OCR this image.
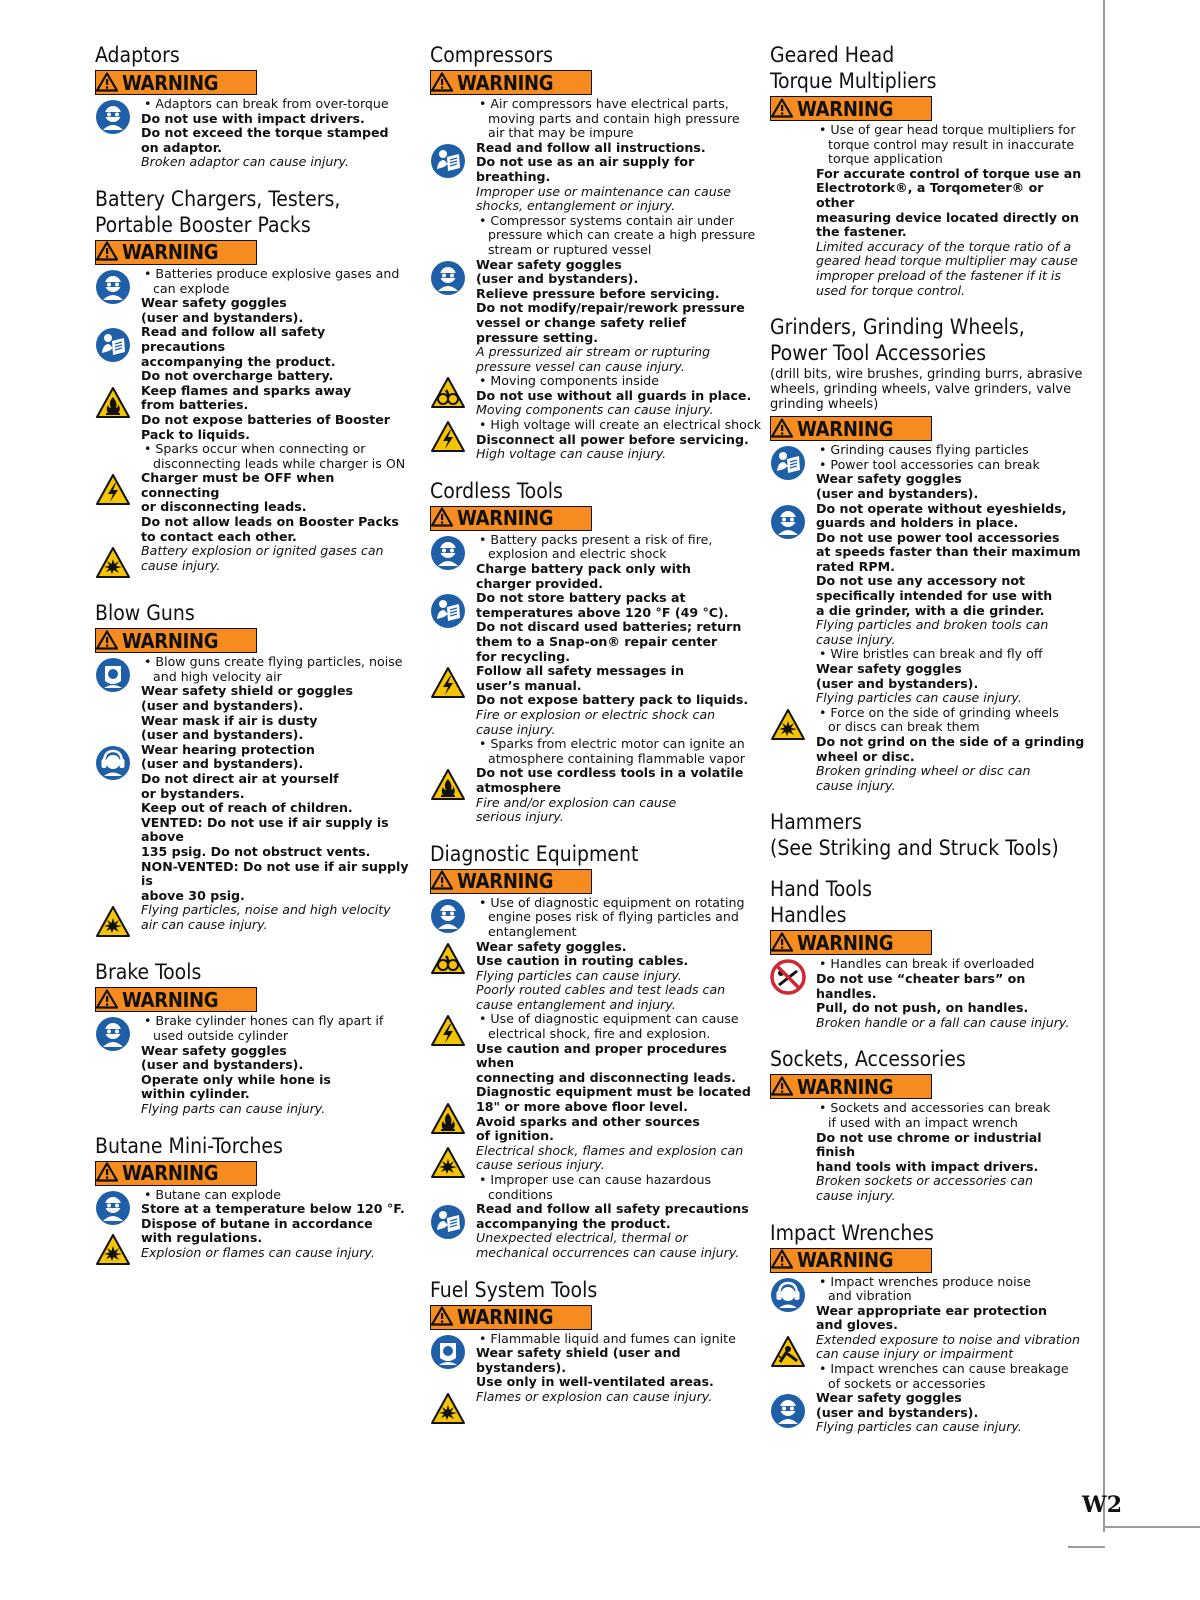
Adaptors
WARNING
• Adaptors can break from over-torque
Do not use with impact drivers.
Do not exceed the torque stamped
on adaptor.
Broken adaptor can cause injury.
Battery Chargers, Testers,
Portable Booster Packs
WARNING
• Batteries produce explosive gases and
can explode
Wear safety goggles
(user and bystanders).
Read and follow all safety precautions
accompanying the product.
Do not overcharge battery.
Keep flames and sparks away
from batteries.
Do not expose batteries of Booster
Pack to liquids.
• Sparks occur when connecting or
disconnecting leads while charger is ON
Charger must be OFF when connecting
or disconnecting leads.
Do not allow leads on Booster Packs
to contact each other.
Battery explosion or ignited gases can
cause injury.
Blow Guns
WARNING
• Blow guns create flying particles, noise
and high velocity air
Wear safety shield or goggles
(user and bystanders).
Wear mask if air is dusty
(user and bystanders).
Wear hearing protection
(user and bystanders).
Do not direct air at yourself
or bystanders.
Keep out of reach of children.
VENTED: Do not use if air supply is above
135 psig. Do not obstruct vents.
NON-VENTED: Do not use if air supply is
above 30 psig.
Flying particles, noise and high velocity
air can cause injury.
Brake Tools
WARNING
• Brake cylinder hones can fly apart if
used outside cylinder
Wear safety goggles
(user and bystanders).
Operate only while hone is
within cylinder.
Flying parts can cause injury.
Butane Mini-Torches
WARNING
• Butane can explode
Store at a temperature below 120 °F.
Dispose of butane in accordance
with regulations.
Explosion or flames can cause injury.
Compressors
WARNING
• Air compressors have electrical parts,
moving parts and contain high pressure
air that may be impure
Read and follow all instructions.
Do not use as an air supply for breathing.
Improper use or maintenance can cause
shocks, entanglement or injury.
• Compressor systems contain air under
pressure which can create a high pressure
stream or ruptured vessel
Wear safety goggles
(user and bystanders).
Relieve pressure before servicing.
Do not modify/repair/rework pressure
vessel or change safety relief
pressure setting.
A pressurized air stream or rupturing
pressure vessel can cause injury.
• Moving components inside
Do not use without all guards in place.
Moving components can cause injury.
• High voltage will create an electrical shock
Disconnect all power before servicing.
High voltage can cause injury.
Cordless Tools
WARNING
• Battery packs present a risk of fire,
explosion and electric shock
Charge battery pack only with
charger provided.
Do not store battery packs at
temperatures above 120 °F (49 °C).
Do not discard used batteries; return
them to a Snap-on® repair center
for recycling.
Follow all safety messages in
user’s manual.
Do not expose battery pack to liquids.
Fire or explosion or electric shock can
cause injury.
• Sparks from electric motor can ignite an
atmosphere containing flammable vapor
Do not use cordless tools in a volatile
atmosphere
Fire and/or explosion can cause
serious injury.
Diagnostic Equipment
WARNING
• Use of diagnostic equipment on rotating
engine poses risk of flying particles and
entanglement
Wear safety goggles.
Use caution in routing cables.
Flying particles can cause injury.
Poorly routed cables and test leads can
cause entanglement and injury.
• Use of diagnostic equipment can cause
electrical shock, fire and explosion.
Use caution and proper procedures when
connecting and disconnecting leads.
Diagnostic equipment must be located
18" or more above floor level.
Avoid sparks and other sources
of ignition.
Electrical shock, flames and explosion can
cause serious injury.
• Improper use can cause hazardous
conditions
Read and follow all safety precautions
accompanying the product.
Unexpected electrical, thermal or
mechanical occurrences can cause injury.
Fuel System Tools
WARNING
• Flammable liquid and fumes can ignite
Wear safety shield (user and bystanders).
Use only in well-ventilated areas.
Flames or explosion can cause injury.
Geared Head
Torque Multipliers
WARNING
• Use of gear head torque multipliers for
torque control may result in inaccurate
torque application
For accurate control of torque use an
Electrotork®, a Torqometer® or other
measuring device located directly on
the fastener.
Limited accuracy of the torque ratio of a
geared head torque multiplier may cause
improper preload of the fastener if it is
used for torque control.
Grinders, Grinding Wheels,
Power Tool Accessories
(drill bits, wire brushes, grinding burrs, abrasive wheels, grinding wheels, valve grinders, valve grinding wheels)
WARNING
• Grinding causes flying particles
• Power tool accessories can break
Wear safety goggles
(user and bystanders).
Do not operate without eyeshields,
guards and holders in place.
Do not use power tool accessories
at speeds faster than their maximum
rated RPM.
Do not use any accessory not
specifically intended for use with
a die grinder, with a die grinder.
Flying particles and broken tools can
cause injury.
• Wire bristles can break and fly off
Wear safety goggles
(user and bystanders).
Flying particles can cause injury.
• Force on the side of grinding wheels
or discs can break them
Do not grind on the side of a grinding
wheel or disc.
Broken grinding wheel or disc can
cause injury.
Hammers
(See Striking and Struck Tools)
Hand Tools
Handles
WARNING
• Handles can break if overloaded
Do not use “cheater bars” on handles.
Pull, do not push, on handles.
Broken handle or a fall can cause injury.
Sockets, Accessories
WARNING
• Sockets and accessories can break
if used with an impact wrench
Do not use chrome or industrial finish
hand tools with impact drivers.
Broken sockets or accessories can
cause injury.
Impact Wrenches
WARNING
• Impact wrenches produce noise
and vibration
Wear appropriate ear protection
and gloves.
Extended exposure to noise and vibration
can cause injury or impairment
• Impact wrenches can cause breakage
of sockets or accessories
Wear safety goggles
(user and bystanders).
Flying particles can cause injury.
W2
